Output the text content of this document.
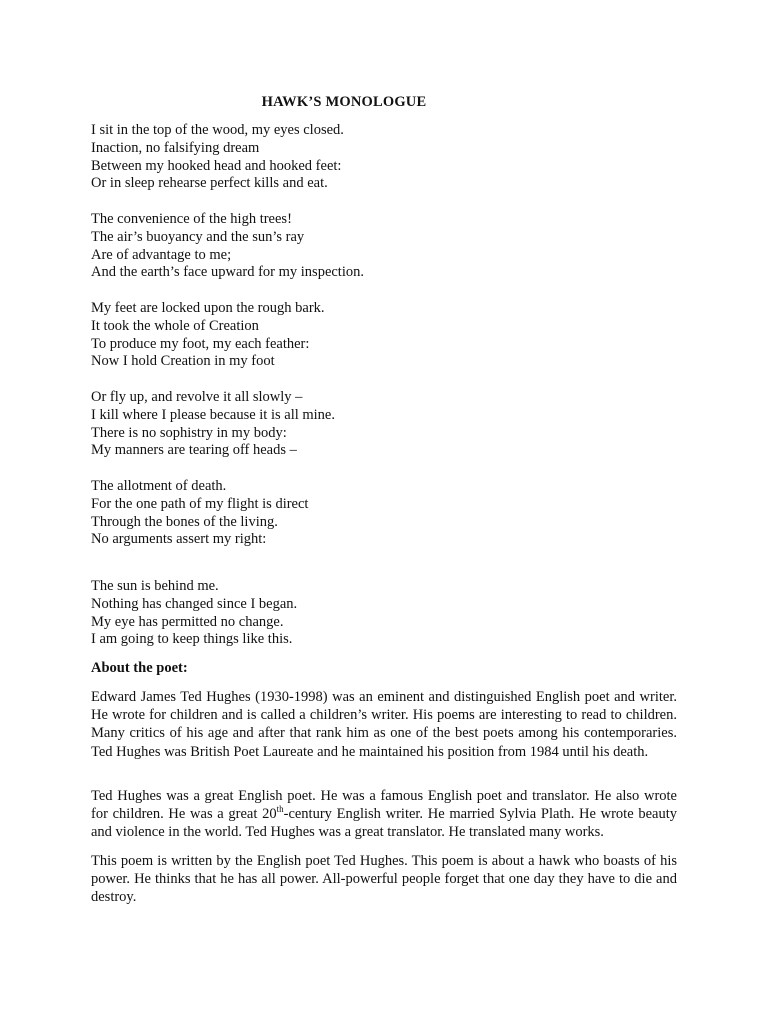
HAWK’S MONOLOGUE
I sit in the top of the wood, my eyes closed.
Inaction, no falsifying dream
Between my hooked head and hooked feet:
Or in sleep rehearse perfect kills and eat.
The convenience of the high trees!
The air’s buoyancy and the sun’s ray
Are of advantage to me;
And the earth’s face upward for my inspection.
My feet are locked upon the rough bark.
It took the whole of Creation
To produce my foot, my each feather:
Now I hold Creation in my foot
Or fly up, and revolve it all slowly –
I kill where I please because it is all mine.
There is no sophistry in my body:
My manners are tearing off heads –
The allotment of death.
For the one path of my flight is direct
Through the bones of the living.
No arguments assert my right:
The sun is behind me.
Nothing has changed since I began.
My eye has permitted no change.
I am going to keep things like this.
About the poet:
Edward James Ted Hughes (1930-1998) was an eminent and distinguished English poet and writer. He wrote for children and is called a children’s writer. His poems are interesting to read to children. Many critics of his age and after that rank him as one of the best poets among his contemporaries. Ted Hughes was British Poet Laureate and he maintained his position from 1984 until his death.
Ted Hughes was a great English poet. He was a famous English poet and translator. He also wrote for children. He was a great 20th-century English writer. He married Sylvia Plath. He wrote beauty and violence in the world. Ted Hughes was a great translator. He translated many works.
This poem is written by the English poet Ted Hughes. This poem is about a hawk who boasts of his power. He thinks that he has all power. All-powerful people forget that one day they have to die and destroy.
